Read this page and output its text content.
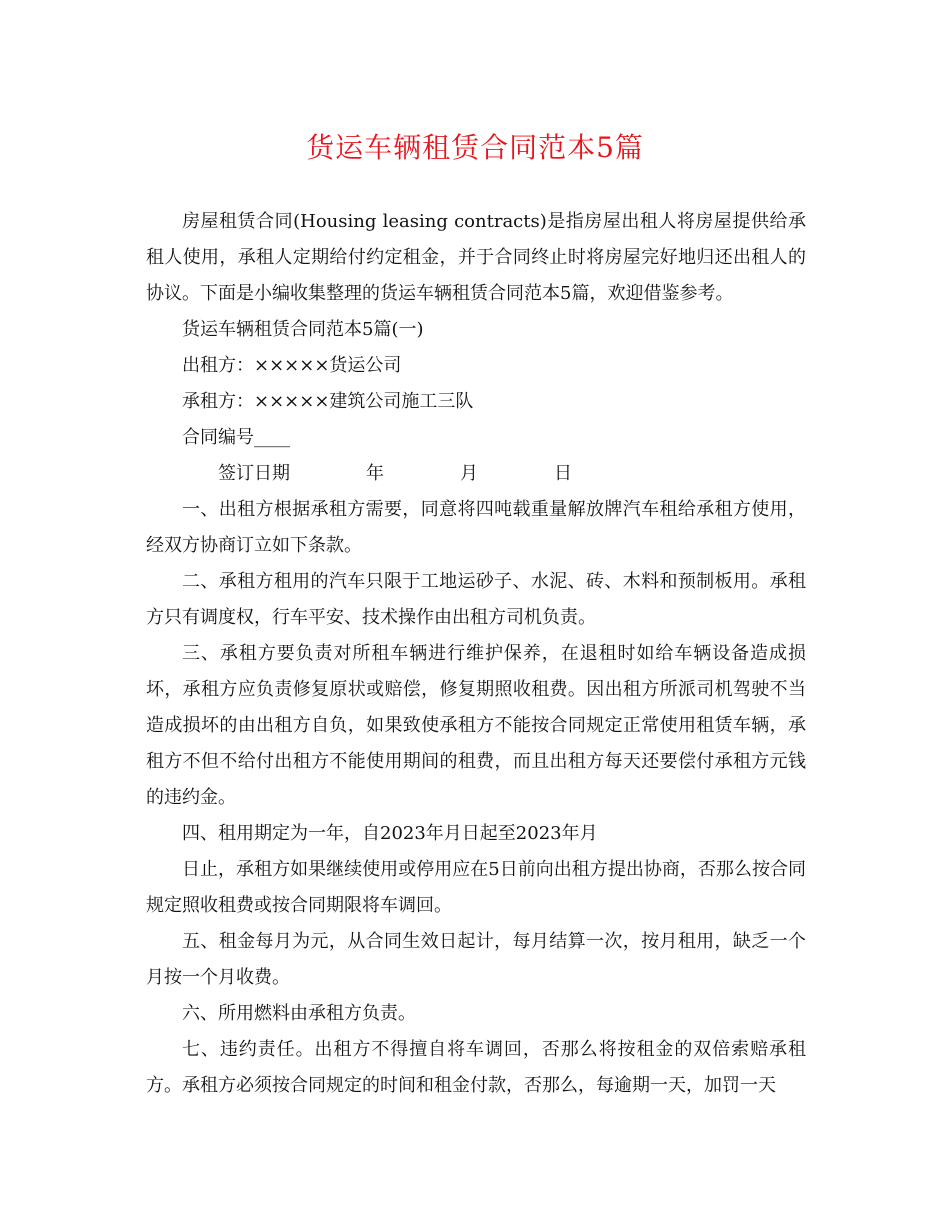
货运车辆租赁合同范本5篇

房屋租赁合同(Housing leasing contracts)是指房屋出租人将房屋提供给承租人使用，承租人定期给付约定租金，并于合同终止时将房屋完好地归还出租人的协议。下面是小编收集整理的货运车辆租赁合同范本5篇，欢迎借鉴参考。

货运车辆租赁合同范本5篇(一)

出租方：×××××货运公司

承租方：×××××建筑公司施工三队

合同编号____

签订日期	年	月	日

一、出租方根据承租方需要，同意将四吨载重量解放牌汽车租给承租方使用，经双方协商订立如下条款。

二、承租方租用的汽车只限于工地运砂子、水泥、砖、木料和预制板用。承租方只有调度权，行车平安、技术操作由出租方司机负责。

三、承租方要负责对所租车辆进行维护保养，在退租时如给车辆设备造成损坏，承租方应负责修复原状或赔偿，修复期照收租费。因出租方所派司机驾驶不当造成损坏的由出租方自负，如果致使承租方不能按合同规定正常使用租赁车辆，承租方不但不给付出租方不能使用期间的租费，而且出租方每天还要偿付承租方元钱的违约金。

四、租用期定为一年，自2023年月日起至2023年月

日止，承租方如果继续使用或停用应在5日前向出租方提出协商，否那么按合同规定照收租费或按合同期限将车调回。

五、租金每月为元，从合同生效日起计，每月结算一次，按月租用，缺乏一个月按一个月收费。

六、所用燃料由承租方负责。

七、违约责任。出租方不得擅自将车调回，否那么将按租金的双倍索赔承租方。承租方必须按合同规定的时间和租金付款，否那么，每逾期一天，加罚一天
